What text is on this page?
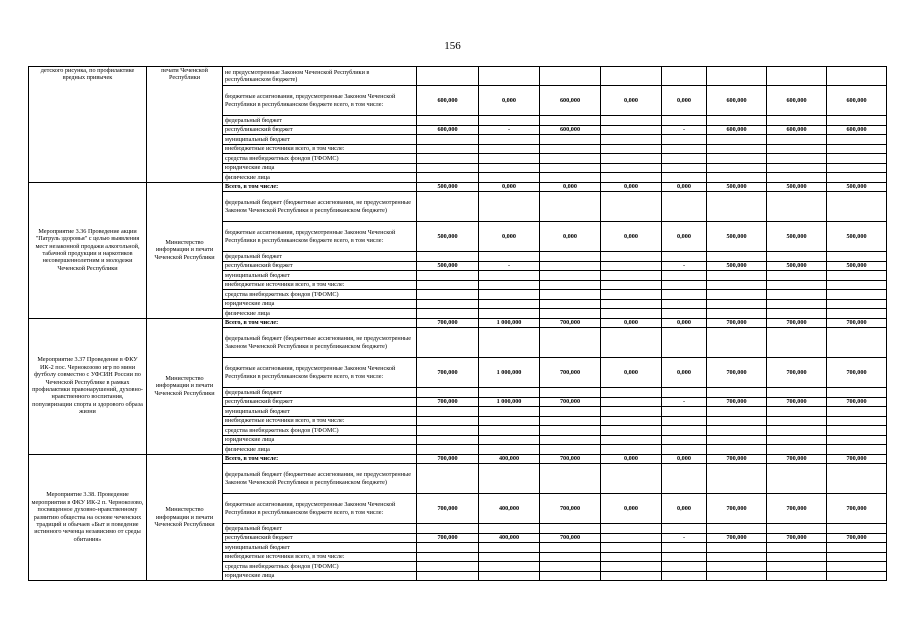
156
детского рисунка, по профилактике вредных привычек	печати Чеченской Республики	не предусмотренные Законом Чеченской Республики в республиканском бюджете)								
		бюджетные ассигнования, предусмотренные Законом Чеченской Республики в республиканском бюджете всего, в том числе:	600,000	0,000	600,000	0,000	0,000	600,000	600,000	600,000
		федеральный бюджет								
		республиканский бюджет	600,000	-	600,000		-	600,000	600,000	600,000
		муниципальный бюджет								
		внебюджетные источники всего, в том числе:								
		средства внебюджетных фондов (ТФОМС)								
		юридические лица								
		физические лица								
Мероприятие 3.36 Проведение акции "Патруль здоровья" с целью выявления мест незаконной продажи алкогольной, табачной продукции и наркотиков несовершеннолетним и молодежи Чеченской Республики	Министерство информации и печати Чеченской Республики	Всего, в том числе:	500,000	0,000	0,000	0,000	0,000	500,000	500,000	500,000
		федеральный бюджет (бюджетные ассигнования, не предусмотренные Законом Чеченской Республики в республиканском бюджете)								
		бюджетные ассигнования, предусмотренные Законом Чеченской Республики в республиканском бюджете всего, в том числе:	500,000	0,000	0,000	0,000	0,000	500,000	500,000	500,000
		федеральный бюджет								
		республиканский бюджет	500,000	-			-	500,000	500,000	500,000
		муниципальный бюджет								
		внебюджетные источники всего, в том числе:								
		средства внебюджетных фондов (ТФОМС)								
		юридические лица								
		физические лица								
Мероприятие 3.37 Проведение в ФКУ ИК-2 пос. Чернокозово игр по мини футболу совместно с УФСИН России по Чеченской Республике в рамках профилактики правонарушений, духовно-нравственного воспитания, популяризации спорта и здорового образа жизни	Министерство информации и печати Чеченской Республики	Всего, в том числе:	700,000	1 000,000	700,000	0,000	0,000	700,000	700,000	700,000
		федеральный бюджет (бюджетные ассигнования, не предусмотренные Законом Чеченской Республики в республиканском бюджете)								
		бюджетные ассигнования, предусмотренные Законом Чеченской Республики в республиканском бюджете всего, в том числе:	700,000	1 000,000	700,000	0,000	0,000	700,000	700,000	700,000
		федеральный бюджет								
		республиканский бюджет	700,000	1 000,000	700,000		-	700,000	700,000	700,000
		муниципальный бюджет								
		внебюджетные источники всего, в том числе:								
		средства внебюджетных фондов (ТФОМС)								
		юридические лица								
		физические лица								
Мероприятие 3.38. Проведение мероприятия в ФКУ ИК-2 п. Чернокозово, посвященное духовно-нравственному развитию общества на основе чеченских традиций и обычаев «Быт и поведение истинного чеченца независимо от среды обитания»	Министерство информации и печати Чеченской Республики	Всего, в том числе:	700,000	400,000	700,000	0,000	0,000	700,000	700,000	700,000
		федеральный бюджет (бюджетные ассигнования, не предусмотренные Законом Чеченской Республики в республиканском бюджете)								
		бюджетные ассигнования, предусмотренные Законом Чеченской Республики в республиканском бюджете всего, в том числе:	700,000	400,000	700,000	0,000	0,000	700,000	700,000	700,000
		федеральный бюджет								
		республиканский бюджет	700,000	400,000	700,000		-	700,000	700,000	700,000
		муниципальный бюджет								
		внебюджетные источники всего, в том числе:								
		средства внебюджетных фондов (ТФОМС)								
		юридические лица								
